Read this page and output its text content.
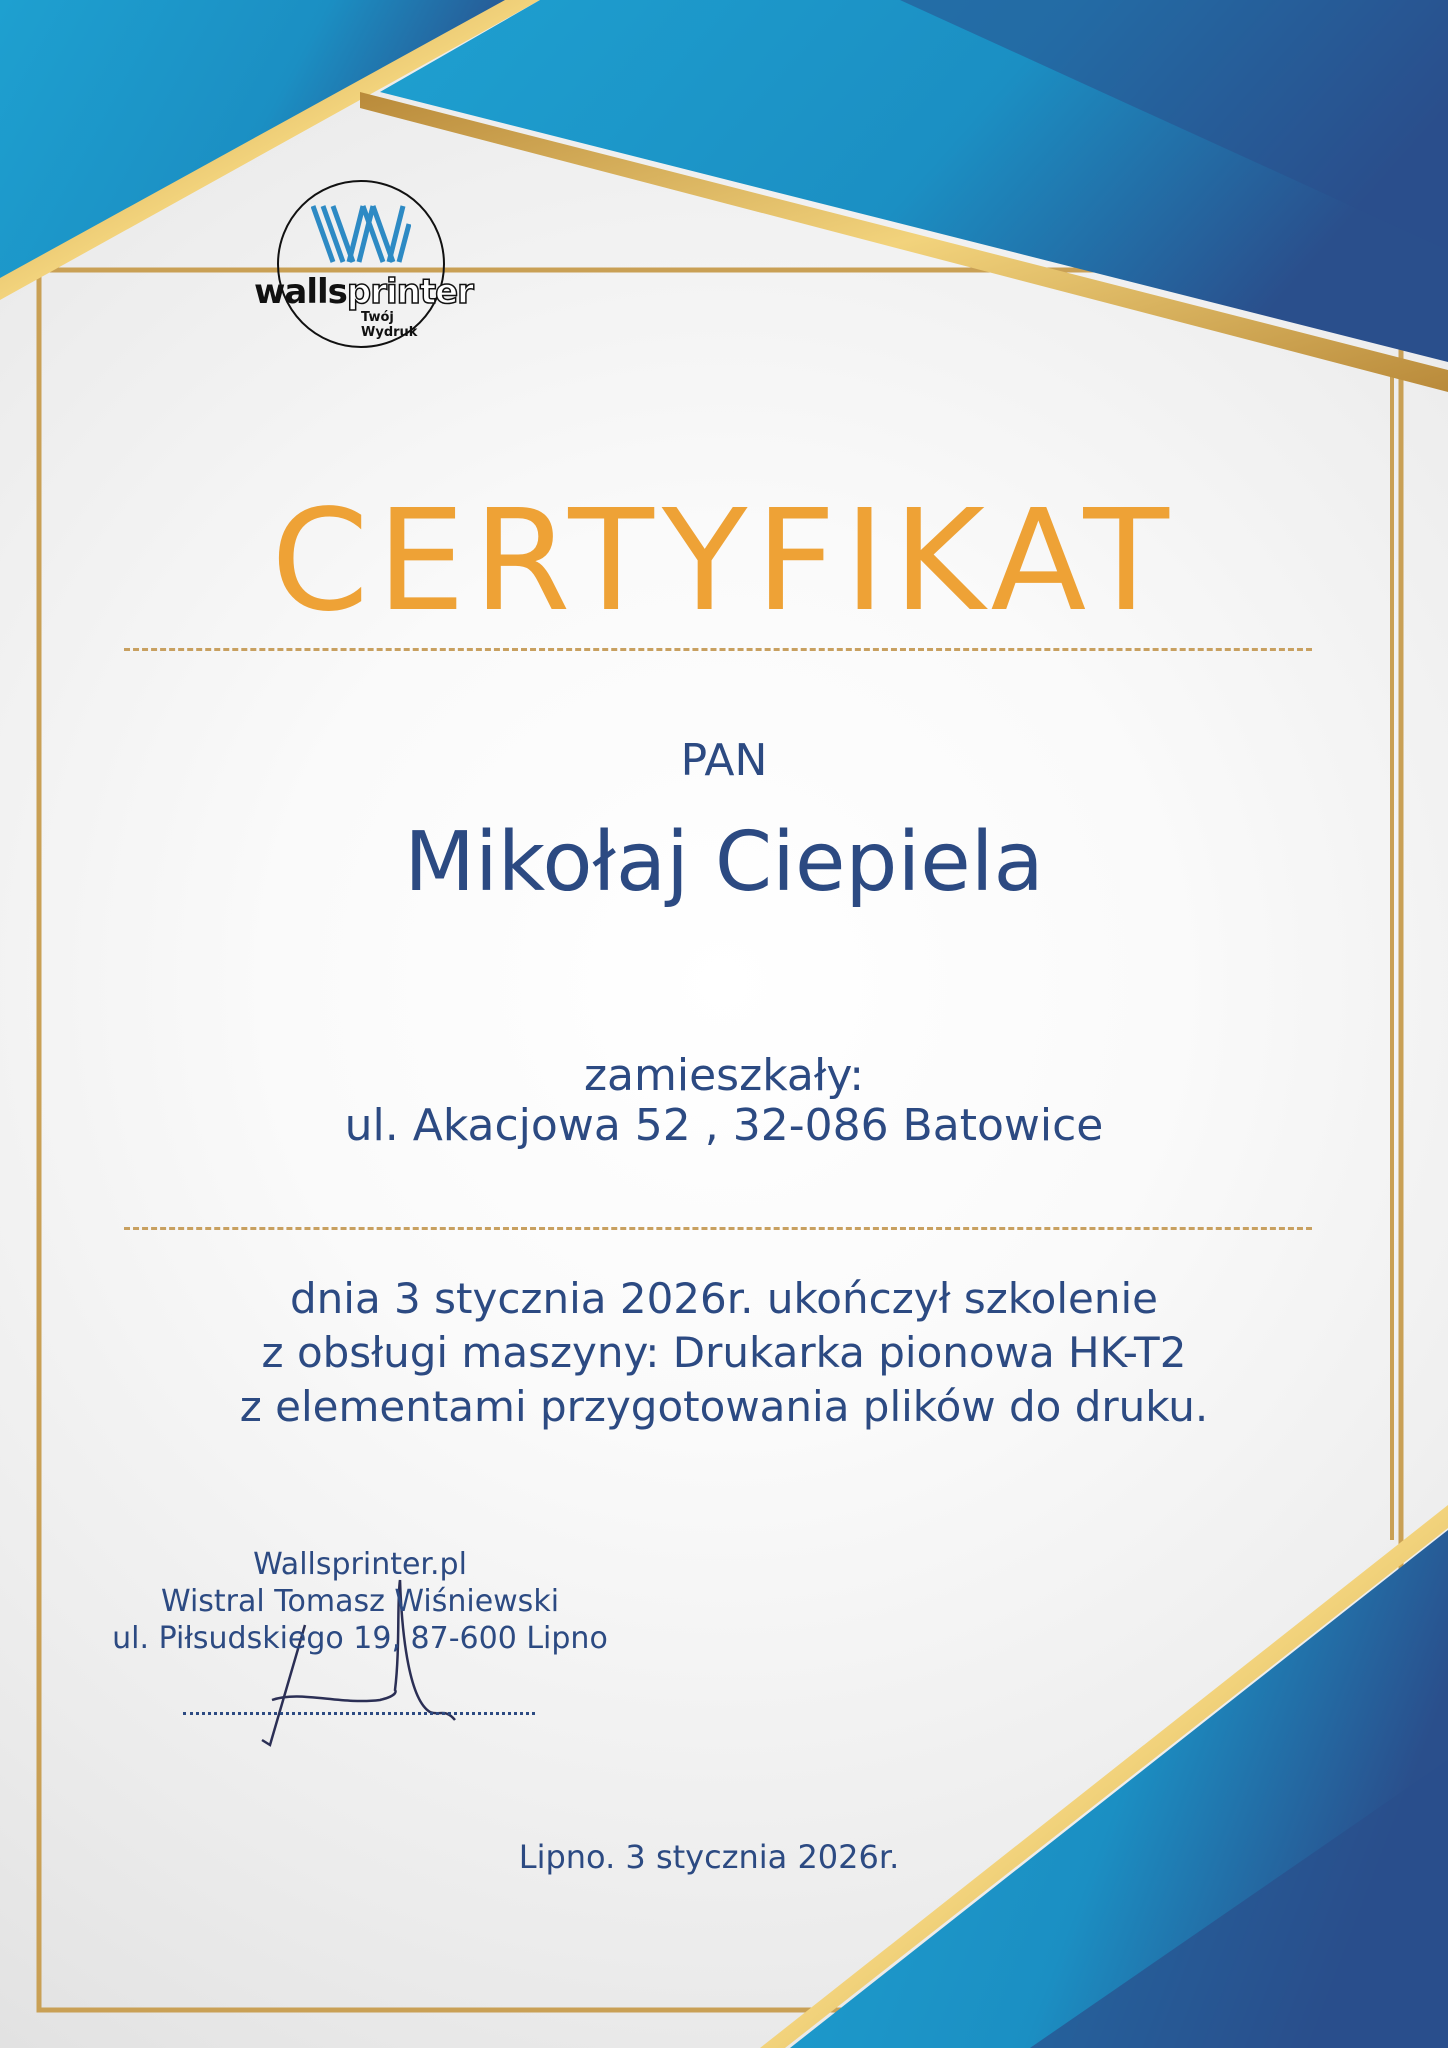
wallsprinter
Twój Wydruk
CERTYFIKAT
PAN
Mikołaj Ciepiela
zamieszkały:
ul. Akacjowa 52 , 32-086 Batowice
dnia 3 stycznia 2026r. ukończył szkolenie
z obsługi maszyny: Drukarka pionowa HK-T2
z elementami przygotowania plików do druku.
Wallsprinter.pl
Wistral Tomasz Wiśniewski
ul. Piłsudskiego 19, 87-600 Lipno
Lipno. 3 stycznia 2026r.
